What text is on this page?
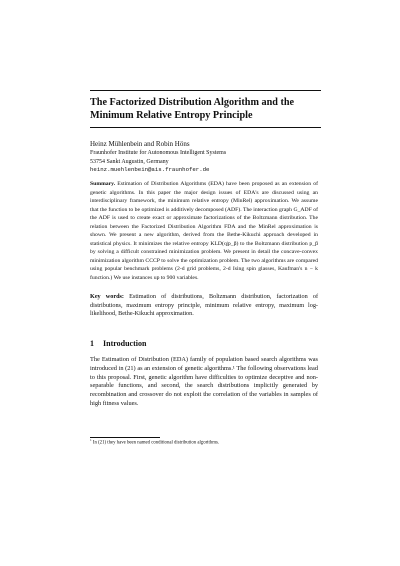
The Factorized Distribution Algorithm and the Minimum Relative Entropy Principle

Heinz Mühlenbein and Robin Höns

Fraunhofer Institute for Autonomous Intelligent Systems
53754 Sankt Augustin, Germany
heinz.muehlenbein@ais.fraunhofer.de

Summary. Estimation of Distribution Algorithms (EDA) have been proposed as an extension of genetic algorithms. In this paper the major design issues of EDA's are discussed using an interdisciplinary framework, the minimum relative entropy (MinRel) approximation. We assume that the function to be optimized is additively decomposed (ADF). The interaction graph G_ADF of the ADF is used to create exact or approximate factorizations of the Boltzmann distribution. The relation between the Factorized Distribution Algorithm FDA and the MinRel approximation is shown. We present a new algorithm, derived from the Bethe-Kikuchi approach developed in statistical physics. It minimizes the relative entropy KLD(q|p_β) to the Boltzmann distribution p_β by solving a difficult constrained minimization problem. We present in detail the concave-convex minimization algorithm CCCP to solve the optimization problem. The two algorithms are compared using popular benchmark problems (2-d grid problems, 2-d Ising spin glasses, Kaufman's n − k function.) We use instances up to 900 variables.

Key words: Estimation of distributions, Boltzmann distribution, factorization of distributions, maximum entropy principle, minimum relative entropy, maximum log-likelihood, Bethe-Kikuchi approximation.

1 Introduction

The Estimation of Distribution (EDA) family of population based search algorithms was introduced in (21) as an extension of genetic algorithms.¹ The following observations lead to this proposal. First, genetic algorithm have difficulties to optimize deceptive and non-separable functions, and second, the search distributions implicitly generated by recombination and crossover do not exploit the correlation of the variables in samples of high fitness values.

$^1$ In (21) they have been named conditional distribution algorithms.
